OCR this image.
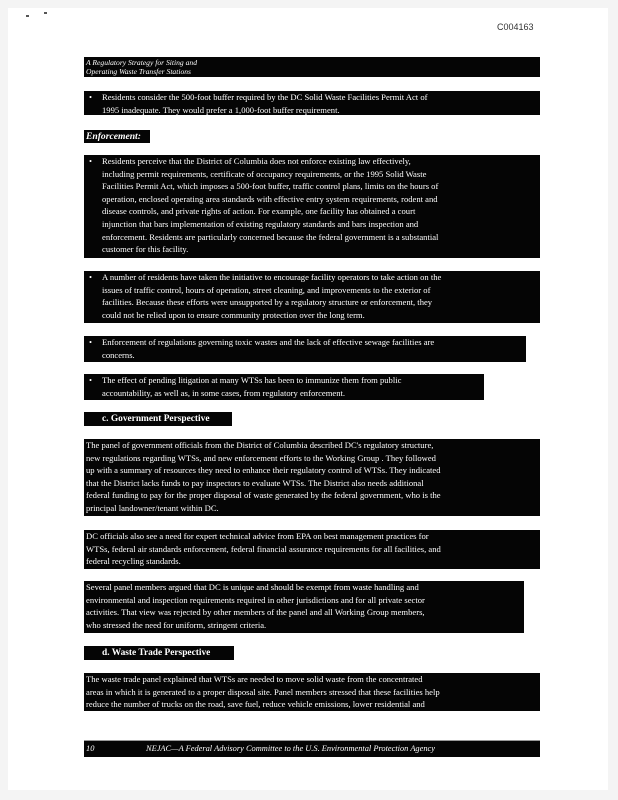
C004163

A Regulatory Strategy for Siting and

Operating Waste Transfer Stations

• Residents consider the 500-foot buffer required by the DC Solid Waste Facilities Permit Act of

1995 inadequate. They would prefer a 1,000-foot buffer requirement.

Enforcement:
• Residents perceive that the District of Columbia does not enforce existing law effectively,

including permit requirements, certificate of occupancy requirements, or the 1995 Solid Waste

Facilities Permit Act, which imposes a 500-foot buffer, traffic control plans, limits on the hours of

operation, enclosed operating area standards with effective entry system requirements, rodent and

disease controls, and private rights of action. For example, one facility has obtained a court

injunction that bars implementation of existing regulatory standards and bars inspection and

enforcement. Residents are particularly concerned because the federal government is a substantial

customer for this facility.

• A number of residents have taken the initiative to encourage facility operators to take action on the

issues of traffic control, hours of operation, street cleaning, and improvements to the exterior of

facilities. Because these efforts were unsupported by a regulatory structure or enforcement, they

could not be relied upon to ensure community protection over the long term.

• Enforcement of regulations governing toxic wastes and the lack of effective sewage facilities are

concerns.

• The effect of pending litigation at many WTSs has been to immunize them from public

accountability, as well as, in some cases, from regulatory enforcement.

c. Government Perspective

The panel of government officials from the District of Columbia described DC's regulatory structure,

new regulations regarding WTSs, and new enforcement efforts to the Working Group . They followed

up with a summary of resources they need to enhance their regulatory control of WTSs. They indicated

that the District lacks funds to pay inspectors to evaluate WTSs. The District also needs additional

federal funding to pay for the proper disposal of waste generated by the federal government, who is the

principal landowner/tenant within DC.

DC officials also see a need for expert technical advice from EPA on best management practices for

WTSs, federal air standards enforcement, federal financial assurance requirements for all facilities, and

federal recycling standards.

Several panel members argued that DC is unique and should be exempt from waste handling and

environmental and inspection requirements required in other jurisdictions and for all private sector

activities. That view was rejected by other members of the panel and all Working Group members,

who stressed the need for uniform, stringent criteria.

d. Waste Trade Perspective

The waste trade panel explained that WTSs are needed to move solid waste from the concentrated

areas in which it is generated to a proper disposal site. Panel members stressed that these facilities help

reduce the number of trucks on the road, save fuel, reduce vehicle emissions, lower residential and

10	NEJAC—A Federal Advisory Committee to the U.S. Environmental Protection Agency
